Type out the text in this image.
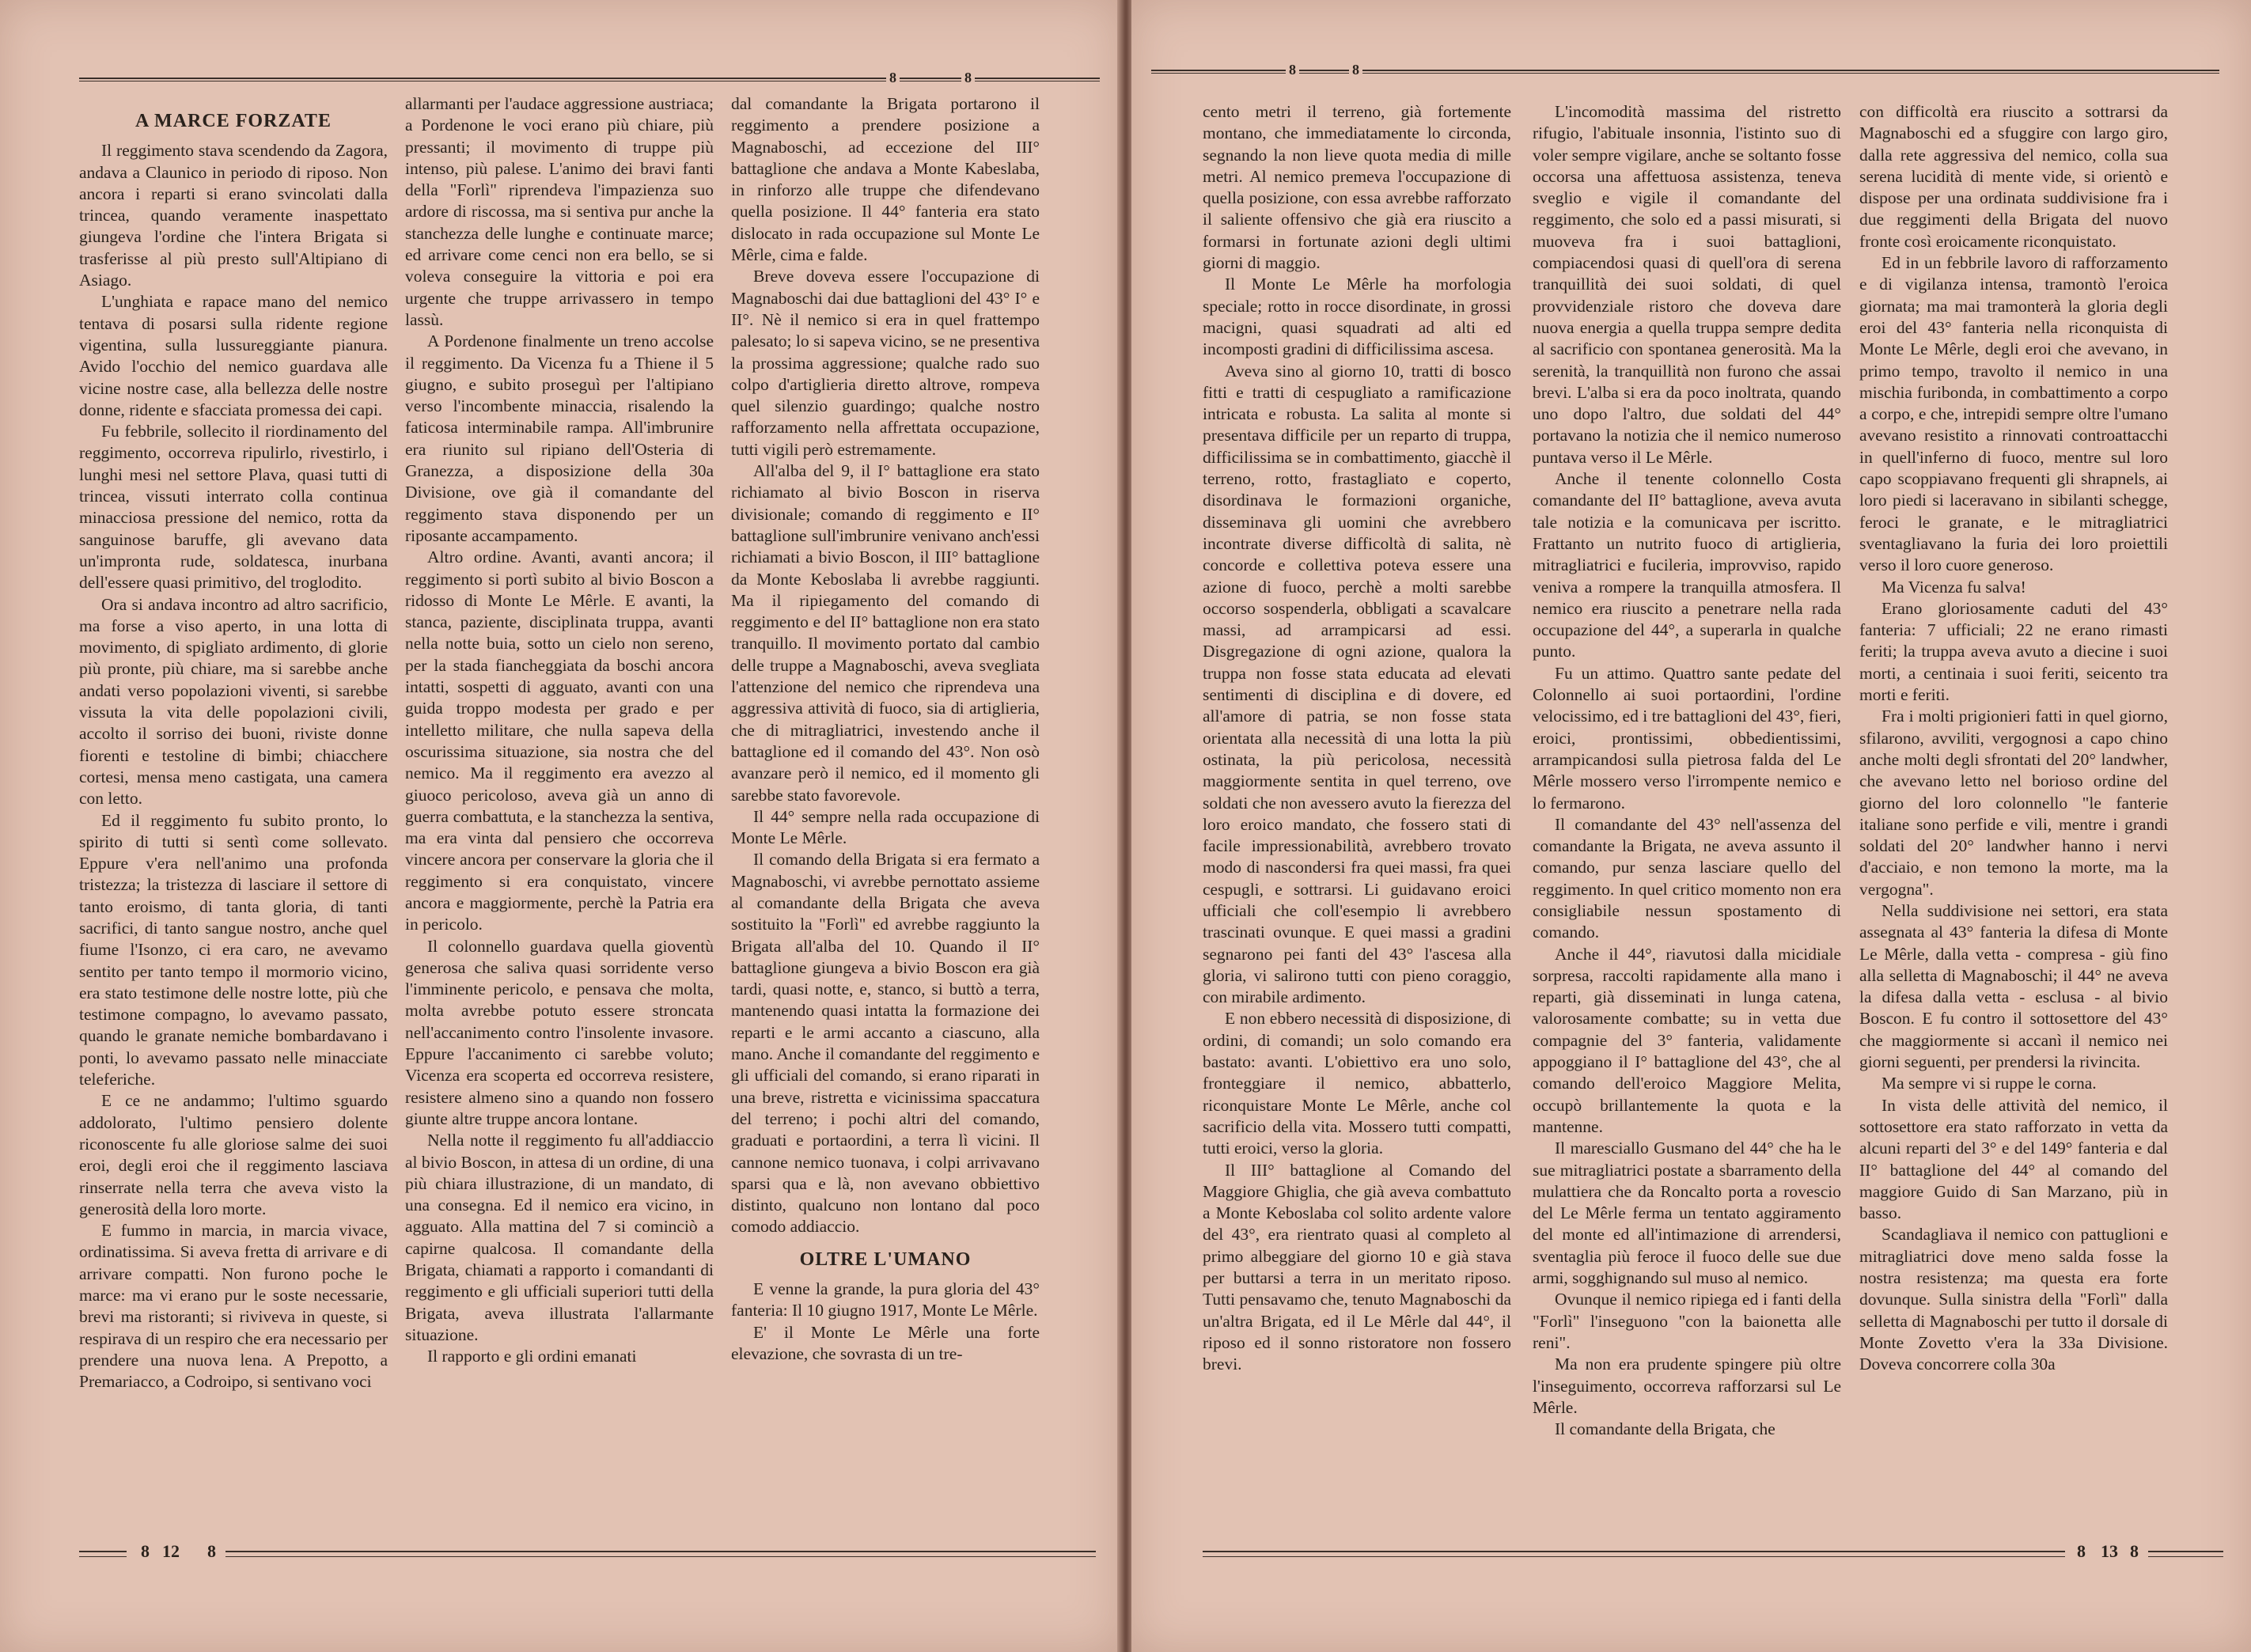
8	8
A MARCE FORZATE

Il reggimento stava scendendo da Zagora, andava a Claunico in periodo di riposo. Non ancora i reparti si erano svincolati dalla trincea, quando veramente inaspettato giungeva l'ordine che l'intera Brigata si trasferisse al più presto sull'Altipiano di Asiago.

L'unghiata e rapace mano del nemico tentava di posarsi sulla ridente regione vigentina, sulla lussureggiante pianura. Avido l'occhio del nemico guardava alle vicine nostre case, alla bellezza delle nostre donne, ridente e sfacciata promessa dei capi.

Fu febbrile, sollecito il riordinamento del reggimento, occorreva ripulirlo, rivestirlo, i lunghi mesi nel settore Plava, quasi tutti di trincea, vissuti interrato colla continua minacciosa pressione del nemico, rotta da sanguinose baruffe, gli avevano data un'impronta rude, soldatesca, inurbana dell'essere quasi primitivo, del troglodito.

Ora si andava incontro ad altro sacrificio, ma forse a viso aperto, in una lotta di movimento, di spigliato ardimento, di glorie più pronte, più chiare, ma si sarebbe anche andati verso popolazioni viventi, si sarebbe vissuta la vita delle popolazioni civili, accolto il sorriso dei buoni, riviste donne fiorenti e testoline di bimbi; chiacchere cortesi, mensa meno castigata, una camera con letto.

Ed il reggimento fu subito pronto, lo spirito di tutti si sentì come sollevato. Eppure v'era nell'animo una profonda tristezza; la tristezza di lasciare il settore di tanto eroismo, di tanta gloria, di tanti sacrifici, di tanto sangue nostro, anche quel fiume l'Isonzo, ci era caro, ne avevamo sentito per tanto tempo il mormorio vicino, era stato testimone delle nostre lotte, più che testimone compagno, lo avevamo passato, quando le granate nemiche bombardavano i ponti, lo avevamo passato nelle minacciate teleferiche.

E ce ne andammo; l'ultimo sguardo addolorato, l'ultimo pensiero dolente riconoscente fu alle gloriose salme dei suoi eroi, degli eroi che il reggimento lasciava rinserrate nella terra che aveva visto la generosità della loro morte.

E fummo in marcia, in marcia vivace, ordinatissima. Si aveva fretta di arrivare e di arrivare compatti. Non furono poche le marce: ma vi erano pur le soste necessarie, brevi ma ristoranti; si riviveva in queste, si respirava di un respiro che era necessario per prendere una nuova lena. A Prepotto, a Premariacco, a Codroipo, si sentivano voci

allarmanti per l'audace aggressione austriaca; a Pordenone le voci erano più chiare, più pressanti; il movimento di truppe più intenso, più palese. L'animo dei bravi fanti della "Forlì" riprendeva l'impazienza suo ardore di riscossa, ma si sentiva pur anche la stanchezza delle lunghe e continuate marce; ed arrivare come cenci non era bello, se si voleva conseguire la vittoria e poi era urgente che truppe arrivassero in tempo lassù.

A Pordenone finalmente un treno accolse il reggimento. Da Vicenza fu a Thiene il 5 giugno, e subito proseguì per l'altipiano verso l'incombente minaccia, risalendo la faticosa interminabile rampa. All'imbrunire era riunito sul ripiano dell'Osteria di Granezza, a disposizione della 30a Divisione, ove già il comandante del reggimento stava disponendo per un riposante accampamento.

Altro ordine. Avanti, avanti ancora; il reggimento si portì subito al bivio Boscon a ridosso di Monte Le Mêrle. E avanti, la stanca, paziente, disciplinata truppa, avanti nella notte buia, sotto un cielo non sereno, per la stada fiancheggiata da boschi ancora intatti, sospetti di agguato, avanti con una guida troppo modesta per grado e per intelletto militare, che nulla sapeva della oscurissima situazione, sia nostra che del nemico. Ma il reggimento era avezzo al giuoco pericoloso, aveva già un anno di guerra combattuta, e la stanchezza la sentiva, ma era vinta dal pensiero che occorreva vincere ancora per conservare la gloria che il reggimento si era conquistato, vincere ancora e maggiormente, perchè la Patria era in pericolo.

Il colonnello guardava quella gioventù generosa che saliva quasi sorridente verso l'imminente pericolo, e pensava che molta, molta avrebbe potuto essere stroncata nell'accanimento contro l'insolente invasore. Eppure l'accanimento ci sarebbe voluto; Vicenza era scoperta ed occorreva resistere, resistere almeno sino a quando non fossero giunte altre truppe ancora lontane.

Nella notte il reggimento fu all'addiaccio al bivio Boscon, in attesa di un ordine, di una più chiara illustrazione, di un mandato, di una consegna. Ed il nemico era vicino, in agguato. Alla mattina del 7 si cominciò a capirne qualcosa. Il comandante della Brigata, chiamati a rapporto i comandanti di reggimento e gli ufficiali superiori tutti della Brigata, aveva illustrata l'allarmante situazione.

Il rapporto e gli ordini emanati

dal comandante la Brigata portarono il reggimento a prendere posizione a Magnaboschi, ad eccezione del III° battaglione che andava a Monte Kabeslaba, in rinforzo alle truppe che difendevano quella posizione. Il 44° fanteria era stato dislocato in rada occupazione sul Monte Le Mêrle, cima e falde.

Breve doveva essere l'occupazione di Magnaboschi dai due battaglioni del 43° I° e II°. Nè il nemico si era in quel frattempo palesato; lo si sapeva vicino, se ne presentiva la prossima aggressione; qualche rado suo colpo d'artiglieria diretto altrove, rompeva quel silenzio guardingo; qualche nostro rafforzamento nella affrettata occupazione, tutti vigili però estremamente.

All'alba del 9, il I° battaglione era stato richiamato al bivio Boscon in riserva divisionale; comando di reggimento e II° battaglione sull'imbrunire venivano anch'essi richiamati a bivio Boscon, il III° battaglione da Monte Keboslaba li avrebbe raggiunti. Ma il ripiegamento del comando di reggimento e del II° battaglione non era stato tranquillo. Il movimento portato dal cambio delle truppe a Magnaboschi, aveva svegliata l'attenzione del nemico che riprendeva una aggressiva attività di fuoco, sia di artiglieria, che di mitragliatrici, investendo anche il battaglione ed il comando del 43°. Non osò avanzare però il nemico, ed il momento gli sarebbe stato favorevole.

Il 44° sempre nella rada occupazione di Monte Le Mêrle.

Il comando della Brigata si era fermato a Magnaboschi, vi avrebbe pernottato assieme al comandante della Brigata che aveva sostituito la "Forlì" ed avrebbe raggiunto la Brigata all'alba del 10. Quando il II° battaglione giungeva a bivio Boscon era già tardi, quasi notte, e, stanco, si buttò a terra, mantenendo quasi intatta la formazione dei reparti e le armi accanto a ciascuno, alla mano. Anche il comandante del reggimento e gli ufficiali del comando, si erano riparati in una breve, ristretta e vicinissima spaccatura del terreno; i pochi altri del comando, graduati e portaordini, a terra lì vicini. Il cannone nemico tuonava, i colpi arrivavano sparsi qua e là, non avevano obbiettivo distinto, qualcuno non lontano dal poco comodo addiaccio.

OLTRE L'UMANO

E venne la grande, la pura gloria del 43° fanteria: Il 10 giugno 1917, Monte Le Mêrle.

E' il Monte Le Mêrle una forte elevazione, che sovrasta di un tre-

8 12 8
8	8

cento metri il terreno, già fortemente montano, che immediatamente lo circonda, segnando la non lieve quota media di mille metri. Al nemico premeva l'occupazione di quella posizione, con essa avrebbe rafforzato il saliente offensivo che già era riuscito a formarsi in fortunate azioni degli ultimi giorni di maggio.

Il Monte Le Mêrle ha morfologia speciale; rotto in rocce disordinate, in grossi macigni, quasi squadrati ad alti ed incomposti gradini di difficilissima ascesa.

Aveva sino al giorno 10, tratti di bosco fitti e tratti di cespugliato a ramificazione intricata e robusta. La salita al monte si presentava difficile per un reparto di truppa, difficilissima se in combattimento, giacchè il terreno, rotto, frastagliato e coperto, disordinava le formazioni organiche, disseminava gli uomini che avrebbero incontrate diverse difficoltà di salita, nè concorde e collettiva poteva essere una azione di fuoco, perchè a molti sarebbe occorso sospenderla, obbligati a scavalcare massi, ad arrampicarsi ad essi. Disgregazione di ogni azione, qualora la truppa non fosse stata educata ad elevati sentimenti di disciplina e di dovere, ed all'amore di patria, se non fosse stata orientata alla necessità di una lotta la più ostinata, la più pericolosa, necessità maggiormente sentita in quel terreno, ove soldati che non avessero avuto la fierezza del loro eroico mandato, che fossero stati di facile impressionabilità, avrebbero trovato modo di nascondersi fra quei massi, fra quei cespugli, e sottrarsi. Li guidavano eroici ufficiali che coll'esempio li avrebbero trascinati ovunque. E quei massi a gradini segnarono pei fanti del 43° l'ascesa alla gloria, vi salirono tutti con pieno coraggio, con mirabile ardimento.

E non ebbero necessità di disposizione, di ordini, di comandi; un solo comando era bastato: avanti. L'obiettivo era uno solo, fronteggiare il nemico, abbatterlo, riconquistare Monte Le Mêrle, anche col sacrificio della vita. Mossero tutti compatti, tutti eroici, verso la gloria.

Il III° battaglione al Comando del Maggiore Ghiglia, che già aveva combattuto a Monte Keboslaba col solito ardente valore del 43°, era rientrato quasi al completo al primo albeggiare del giorno 10 e già stava per buttarsi a terra in un meritato riposo. Tutti pensavamo che, tenuto Magnaboschi da un'altra Brigata, ed il Le Mêrle dal 44°, il riposo ed il sonno ristoratore non fossero brevi.

L'incomodità massima del ristretto rifugio, l'abituale insonnia, l'istinto suo di voler sempre vigilare, anche se soltanto fosse occorsa una affettuosa assistenza, teneva sveglio e vigile il comandante del reggimento, che solo ed a passi misurati, si muoveva fra i suoi battaglioni, compiacendosi quasi di quell'ora di serena tranquillità dei suoi soldati, di quel provvidenziale ristoro che doveva dare nuova energia a quella truppa sempre dedita al sacrificio con spontanea generosità. Ma la serenità, la tranquillità non furono che assai brevi. L'alba si era da poco inoltrata, quando uno dopo l'altro, due soldati del 44° portavano la notizia che il nemico numeroso puntava verso il Le Mêrle.

Anche il tenente colonnello Costa comandante del II° battaglione, aveva avuta tale notizia e la comunicava per iscritto. Frattanto un nutrito fuoco di artiglieria, mitragliatrici e fucileria, improvviso, rapido veniva a rompere la tranquilla atmosfera. Il nemico era riuscito a penetrare nella rada occupazione del 44°, a superarla in qualche punto.

Fu un attimo. Quattro sante pedate del Colonnello ai suoi portaordini, l'ordine velocissimo, ed i tre battaglioni del 43°, fieri, eroici, prontissimi, obbedientissimi, arrampicandosi sulla pietrosa falda del Le Mêrle mossero verso l'irrompente nemico e lo fermarono.

Il comandante del 43° nell'assenza del comandante la Brigata, ne aveva assunto il comando, pur senza lasciare quello del reggimento. In quel critico momento non era consigliabile nessun spostamento di comando.

Anche il 44°, riavutosi dalla micidiale sorpresa, raccolti rapidamente alla mano i reparti, già disseminati in lunga catena, valorosamente combatte; su in vetta due compagnie del 3° fanteria, validamente appoggiano il I° battaglione del 43°, che al comando dell'eroico Maggiore Melita, occupò brillantemente la quota e la mantenne.

Il maresciallo Gusmano del 44° che ha le sue mitragliatrici postate a sbarramento della mulattiera che da Roncalto porta a rovescio del Le Mêrle ferma un tentato aggiramento del monte ed all'intimazione di arrendersi, sventaglia più feroce il fuoco delle sue due armi, sogghignando sul muso al nemico.

Ovunque il nemico ripiega ed i fanti della "Forlì" l'inseguono "con la baionetta alle reni".

Ma non era prudente spingere più oltre l'inseguimento, occorreva rafforzarsi sul Le Mêrle.

Il comandante della Brigata, che

con difficoltà era riuscito a sottrarsi da Magnaboschi ed a sfuggire con largo giro, dalla rete aggressiva del nemico, colla sua serena lucidità di mente vide, si orientò e dispose per una ordinata suddivisione fra i due reggimenti della Brigata del nuovo fronte così eroicamente riconquistato.

Ed in un febbrile lavoro di rafforzamento e di vigilanza intensa, tramontò l'eroica giornata; ma mai tramonterà la gloria degli eroi del 43° fanteria nella riconquista di Monte Le Mêrle, degli eroi che avevano, in primo tempo, travolto il nemico in una mischia furibonda, in combattimento a corpo a corpo, e che, intrepidi sempre oltre l'umano avevano resistito a rinnovati controattacchi in quell'inferno di fuoco, mentre sul loro capo scoppiavano frequenti gli shrapnels, ai loro piedi si laceravano in sibilanti schegge, feroci le granate, e le mitragliatrici sventagliavano la furia dei loro proiettili verso il loro cuore generoso.

Ma Vicenza fu salva!

Erano gloriosamente caduti del 43° fanteria: 7 ufficiali; 22 ne erano rimasti feriti; la truppa aveva avuto a diecine i suoi morti, a centinaia i suoi feriti, seicento tra morti e feriti.

Fra i molti prigionieri fatti in quel giorno, sfilarono, avviliti, vergognosi a capo chino anche molti degli sfrontati del 20° landwher, che avevano letto nel borioso ordine del giorno del loro colonnello "le fanterie italiane sono perfide e vili, mentre i grandi soldati del 20° landwher hanno i nervi d'acciaio, e non temono la morte, ma la vergogna".

Nella suddivisione nei settori, era stata assegnata al 43° fanteria la difesa di Monte Le Mêrle, dalla vetta - compresa - giù fino alla selletta di Magnaboschi; il 44° ne aveva la difesa dalla vetta - esclusa - al bivio Boscon. E fu contro il sottosettore del 43° che maggiormente si accanì il nemico nei giorni seguenti, per prendersi la rivincita.

Ma sempre vi si ruppe le corna.

In vista delle attività del nemico, il sottosettore era stato rafforzato in vetta da alcuni reparti del 3° e del 149° fanteria e dal II° battaglione del 44° al comando del maggiore Guido di San Marzano, più in basso.

Scandagliava il nemico con pattuglioni e mitragliatrici dove meno salda fosse la nostra resistenza; ma questa era forte dovunque. Sulla sinistra della "Forlì" dalla selletta di Magnaboschi per tutto il dorsale di Monte Zovetto v'era la 33a Divisione. Doveva concorrere colla 30a

8 13 8
